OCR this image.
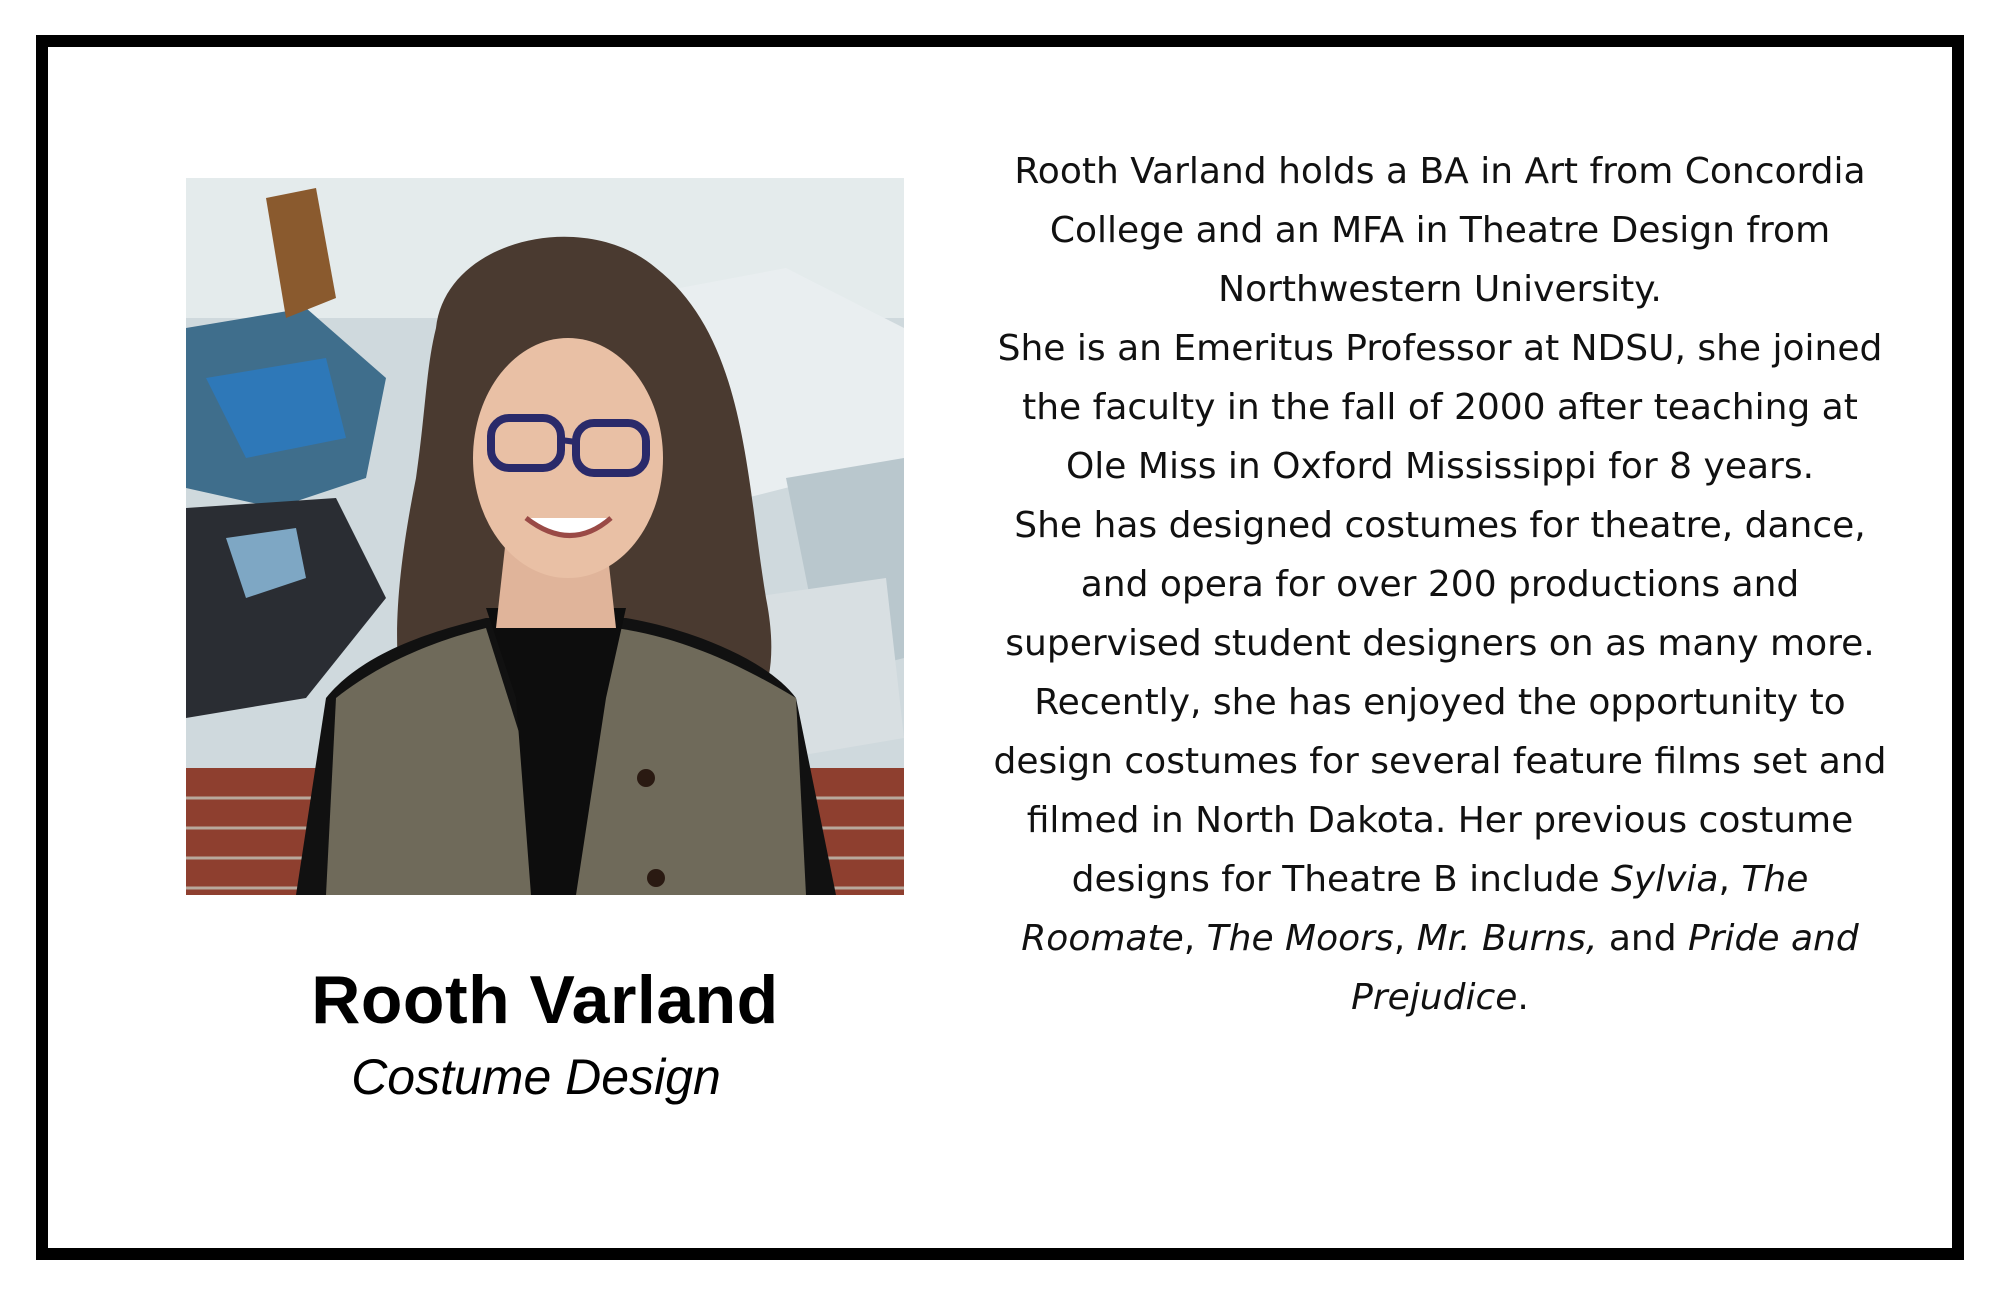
Rooth Varland
Costume Design

Rooth Varland holds a BA in Art from Concordia College and an MFA in Theatre Design from Northwestern University.

She is an Emeritus Professor at NDSU, she joined the faculty in the fall of 2000 after teaching at Ole Miss in Oxford Mississippi for 8 years.

She has designed costumes for theatre, dance, and opera for over 200 productions and supervised student designers on as many more.

Recently, she has enjoyed the opportunity to design costumes for several feature films set and filmed in North Dakota. Her previous costume designs for Theatre B include Sylvia, The Roomate, The Moors, Mr. Burns, and Pride and Prejudice.
